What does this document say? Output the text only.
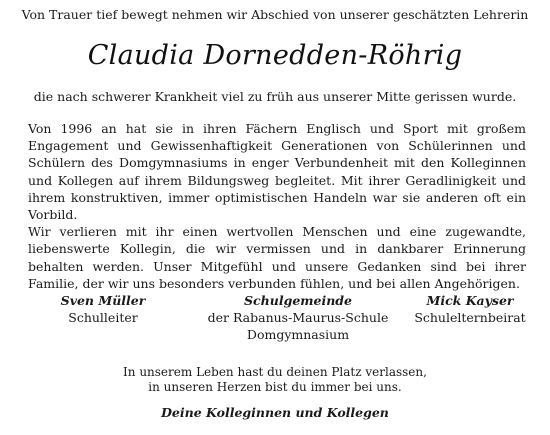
Von Trauer tief bewegt nehmen wir Abschied von unserer geschätzten Lehrerin
Claudia Dornedden-Röhrig
die nach schwerer Krankheit viel zu früh aus unserer Mitte gerissen wurde.

Von 1996 an hat sie in ihren Fächern Englisch und Sport mit großem Engagement und Gewissenhaftigkeit Generationen von Schülerinnen und Schülern des Domgymnasiums in enger Verbundenheit mit den Kolleginnen und Kollegen auf ihrem Bildungsweg begleitet. Mit ihrer Geradlinigkeit und ihrem konstruktiven, immer optimistischen Handeln war sie anderen oft ein Vorbild.

Wir verlieren mit ihr einen wertvollen Menschen und eine zugewandte, liebenswerte Kollegin, die wir vermissen und in dankbarer Erinnerung behalten werden. Unser Mitgefühl und unsere Gedanken sind bei ihrer Familie, der wir uns besonders verbunden fühlen, und bei allen Angehörigen.

Sven Müller
Schulleiter
Schulgemeinde
der Rabanus-Maurus-Schule Domgymnasium
Mick Kayser
Schulelternbeirat
In unserem Leben hast du deinen Platz verlassen,
in unseren Herzen bist du immer bei uns.
Deine Kolleginnen und Kollegen
